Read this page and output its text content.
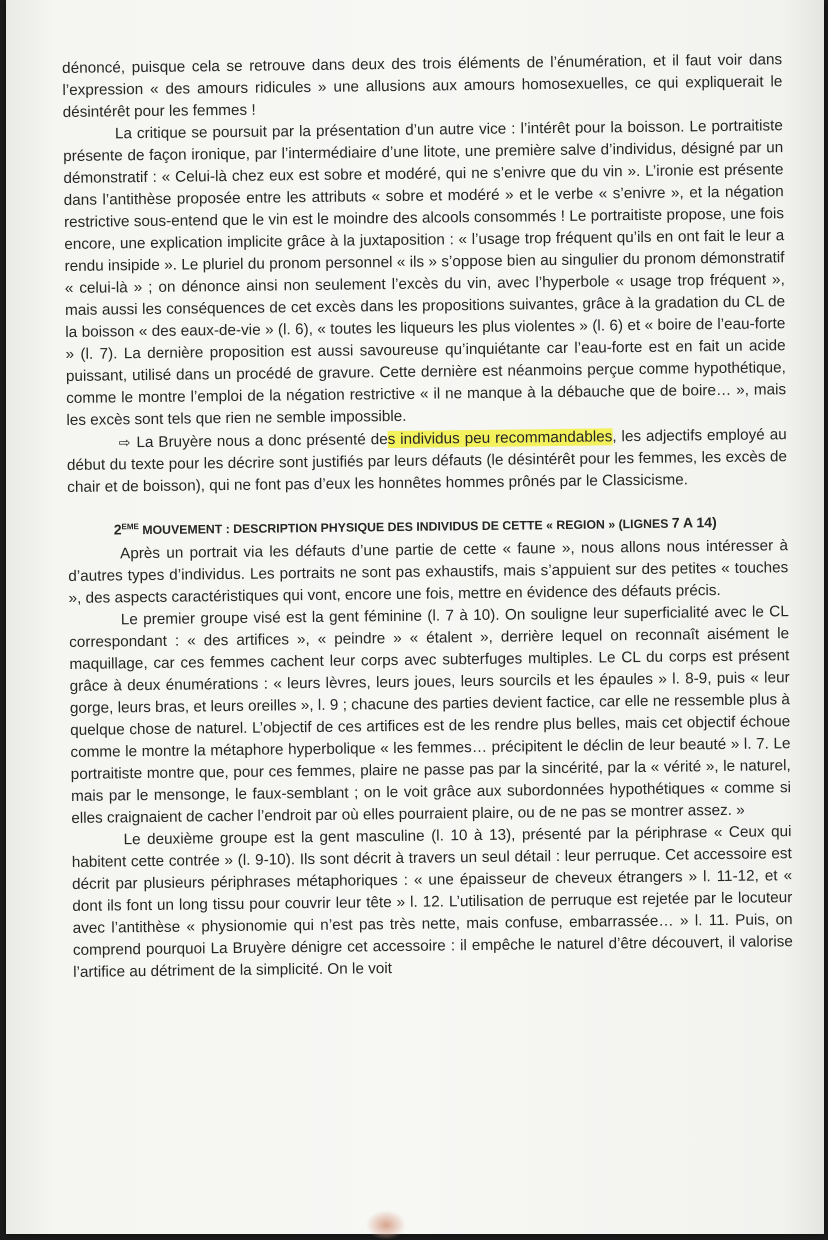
dénoncé, puisque cela se retrouve dans deux des trois éléments de l’énumération, et il faut voir dans l’expression « des amours ridicules » une allusions aux amours homosexuelles, ce qui expliquerait le désintérêt pour les femmes !

La critique se poursuit par la présentation d’un autre vice : l’intérêt pour la boisson. Le portraitiste présente de façon ironique, par l’intermédiaire d’une litote, une première salve d’individus, désigné par un démonstratif : « Celui-là chez eux est sobre et modéré, qui ne s’enivre que du vin ». L’ironie est présente dans l’antithèse proposée entre les attributs « sobre et modéré » et le verbe « s’enivre », et la négation restrictive sous-entend que le vin est le moindre des alcools consommés ! Le portraitiste propose, une fois encore, une explication implicite grâce à la juxtaposition : « l’usage trop fréquent qu’ils en ont fait le leur a rendu insipide ». Le pluriel du pronom personnel « ils » s’oppose bien au singulier du pronom démonstratif « celui-là » ; on dénonce ainsi non seulement l’excès du vin, avec l’hyperbole « usage trop fréquent », mais aussi les conséquences de cet excès dans les propositions suivantes, grâce à la gradation du CL de la boisson « des eaux-de-vie » (l. 6), « toutes les liqueurs les plus violentes » (l. 6) et « boire de l’eau-forte » (l. 7). La dernière proposition est aussi savoureuse qu’inquiétante car l’eau-forte est en fait un acide puissant, utilisé dans un procédé de gravure. Cette dernière est néanmoins perçue comme hypothétique, comme le montre l’emploi de la négation restrictive « il ne manque à la débauche que de boire… », mais les excès sont tels que rien ne semble impossible.

⇨ La Bruyère nous a donc présenté des individus peu recommandables, les adjectifs employé au début du texte pour les décrire sont justifiés par leurs défauts (le désintérêt pour les femmes, les excès de chair et de boisson), qui ne font pas d’eux les honnêtes hommes prônés par le Classicisme.

2EME MOUVEMENT : DESCRIPTION PHYSIQUE DES INDIVIDUS DE CETTE « REGION » (LIGNES 7 A 14)

Après un portrait via les défauts d’une partie de cette « faune », nous allons nous intéresser à d’autres types d’individus. Les portraits ne sont pas exhaustifs, mais s’appuient sur des petites « touches », des aspects caractéristiques qui vont, encore une fois, mettre en évidence des défauts précis.

Le premier groupe visé est la gent féminine (l. 7 à 10). On souligne leur superficialité avec le CL correspondant : « des artifices », « peindre » « étalent », derrière lequel on reconnaît aisément le maquillage, car ces femmes cachent leur corps avec subterfuges multiples. Le CL du corps est présent grâce à deux énumérations : « leurs lèvres, leurs joues, leurs sourcils et les épaules » l. 8-9, puis « leur gorge, leurs bras, et leurs oreilles », l. 9 ; chacune des parties devient factice, car elle ne ressemble plus à quelque chose de naturel. L’objectif de ces artifices est de les rendre plus belles, mais cet objectif échoue comme le montre la métaphore hyperbolique « les femmes… précipitent le déclin de leur beauté » l. 7. Le portraitiste montre que, pour ces femmes, plaire ne passe pas par la sincérité, par la « vérité », le naturel, mais par le mensonge, le faux-semblant ; on le voit grâce aux subordonnées hypothétiques « comme si elles craignaient de cacher l’endroit par où elles pourraient plaire, ou de ne pas se montrer assez. »

Le deuxième groupe est la gent masculine (l. 10 à 13), présenté par la périphrase « Ceux qui habitent cette contrée » (l. 9-10). Ils sont décrit à travers un seul détail : leur perruque. Cet accessoire est décrit par plusieurs périphrases métaphoriques : « une épaisseur de cheveux étrangers » l. 11-12, et « dont ils font un long tissu pour couvrir leur tête » l. 12. L’utilisation de perruque est rejetée par le locuteur avec l’antithèse « physionomie qui n’est pas très nette, mais confuse, embarrassée… » l. 11. Puis, on comprend pourquoi La Bruyère dénigre cet accessoire : il empêche le naturel d’être découvert, il valorise l’artifice au détriment de la simplicité. On le voit
